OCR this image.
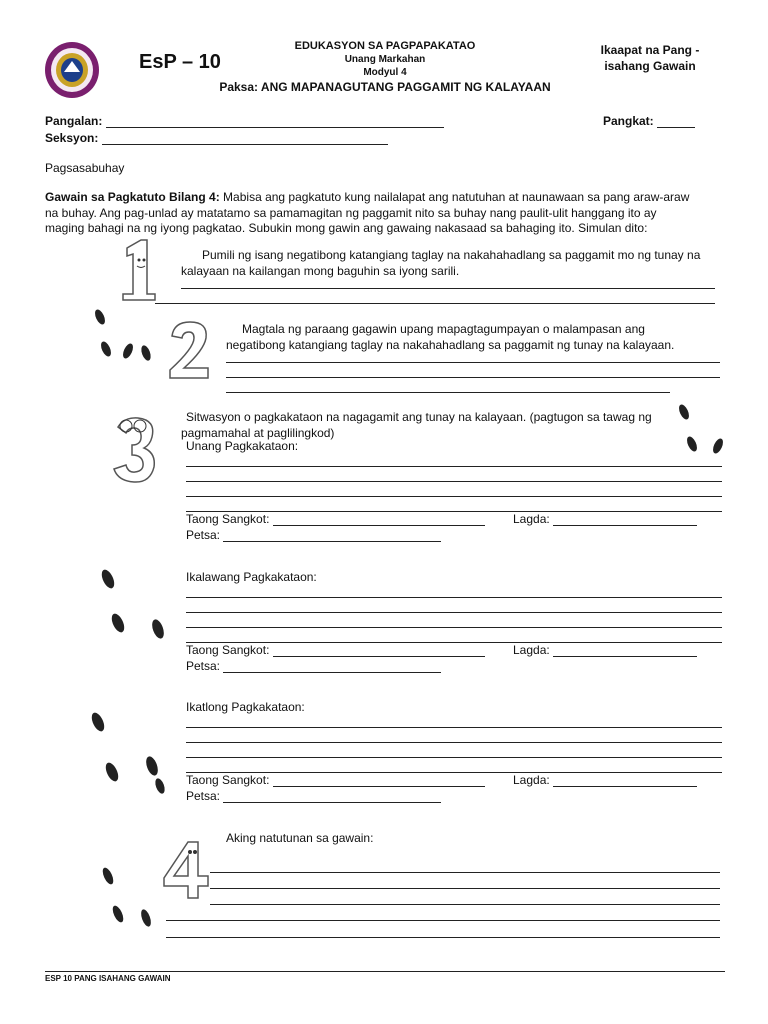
EsP – 10
EDUKASYON SA PAGPAPAKATAO
Unang Markahan
Modyul 4
Paksa: ANG MAPANAGUTANG PAGGAMIT NG KALAYAAN
Ikaapat na Pang -
isahang Gawain
Pangalan:	Pangkat:
Seksyon:
Pagsasabuhay
Gawain sa Pagkatuto Bilang 4: Mabisa ang pagkatuto kung nailalapat ang natutuhan at naunawaan sa pang araw-araw
na buhay. Ang pag-unlad ay matatamo sa pamamagitan ng paggamit nito sa buhay nang paulit-ulit hanggang ito ay
maging bahagi na ng iyong pagkatao. Subukin mong gawin ang gawaing nakasaad sa bahaging ito. Simulan dito:
Pumili ng isang negatibong katangiang taglay na nakahahadlang sa paggamit mo ng tunay na
kalayaan na kailangan mong baguhin sa iyong sarili.
Magtala ng paraang gagawin upang mapagtagumpayan o malampasan ang
negatibong katangiang taglay na nakahahadlang sa paggamit ng tunay na kalayaan.
Sitwasyon o pagkakataon na nagagamit ang tunay na kalayaan. (pagtugon sa tawag ng
pagmamahal at paglilingkod)
Unang Pagkakataon:
Taong Sangkot:	Lagda:
Petsa:
Ikalawang Pagkakataon:
Taong Sangkot:	Lagda:
Petsa:
Ikatlong Pagkakataon:
Taong Sangkot:	Lagda:
Petsa:
Aking natutunan sa gawain:
ESP 10 PANG ISAHANG GAWAIN
